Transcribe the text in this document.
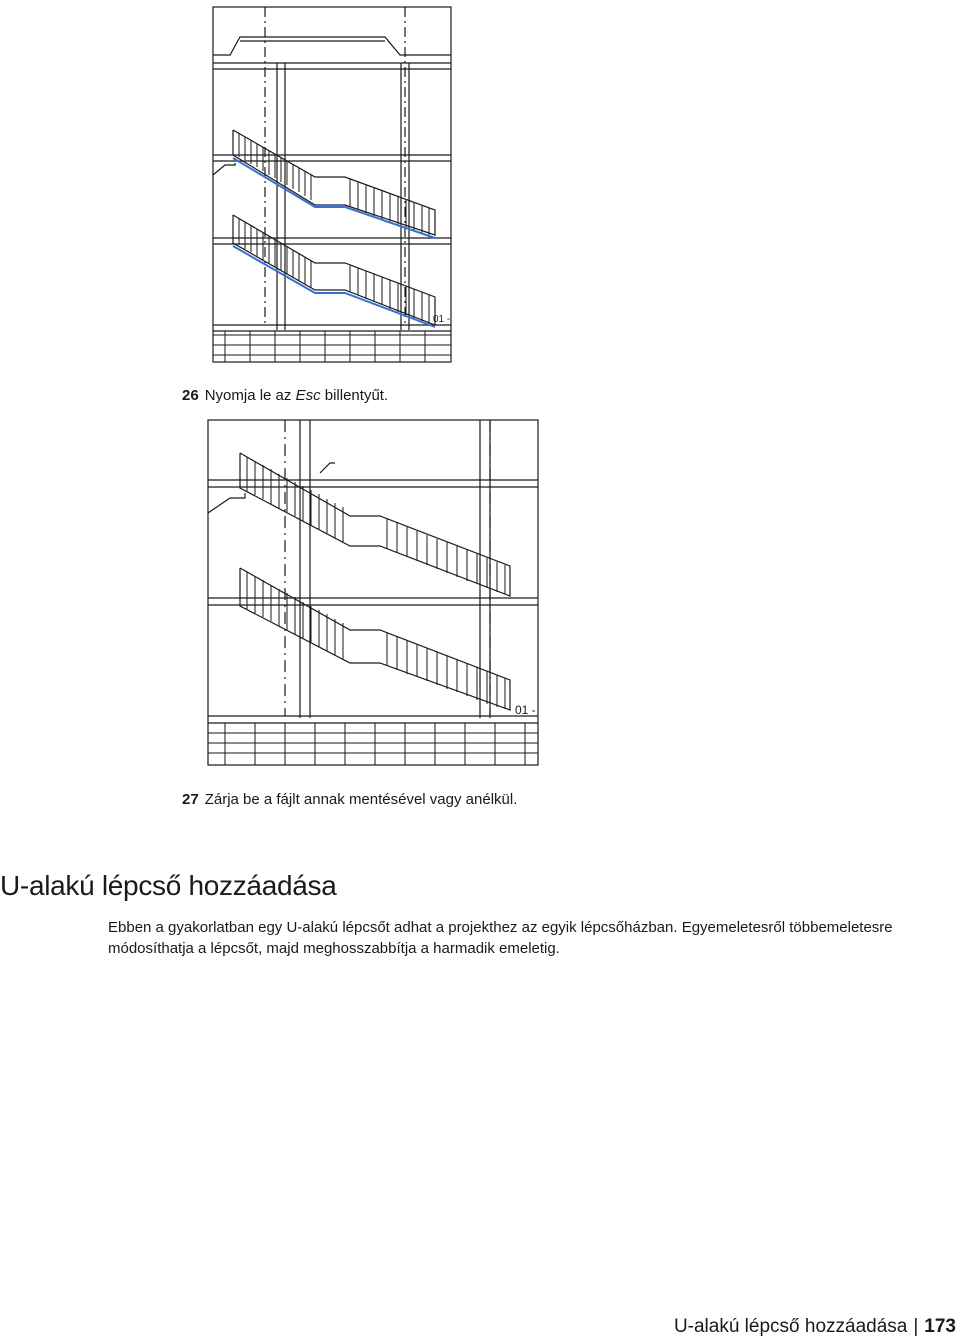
01 -
26 Nyomja le az Esc billentyűt.
01 -
27 Zárja be a fájlt annak mentésével vagy anélkül.
U-alakú lépcső hozzáadása

Ebben a gyakorlatban egy U-alakú lépcsőt adhat a projekthez az egyik lépcsőházban. Egyemeletesről többemeletesre módosíthatja a lépcsőt, majd meghosszabbítja a harmadik emeletig.

U-alakú lépcső hozzáadása | 173
